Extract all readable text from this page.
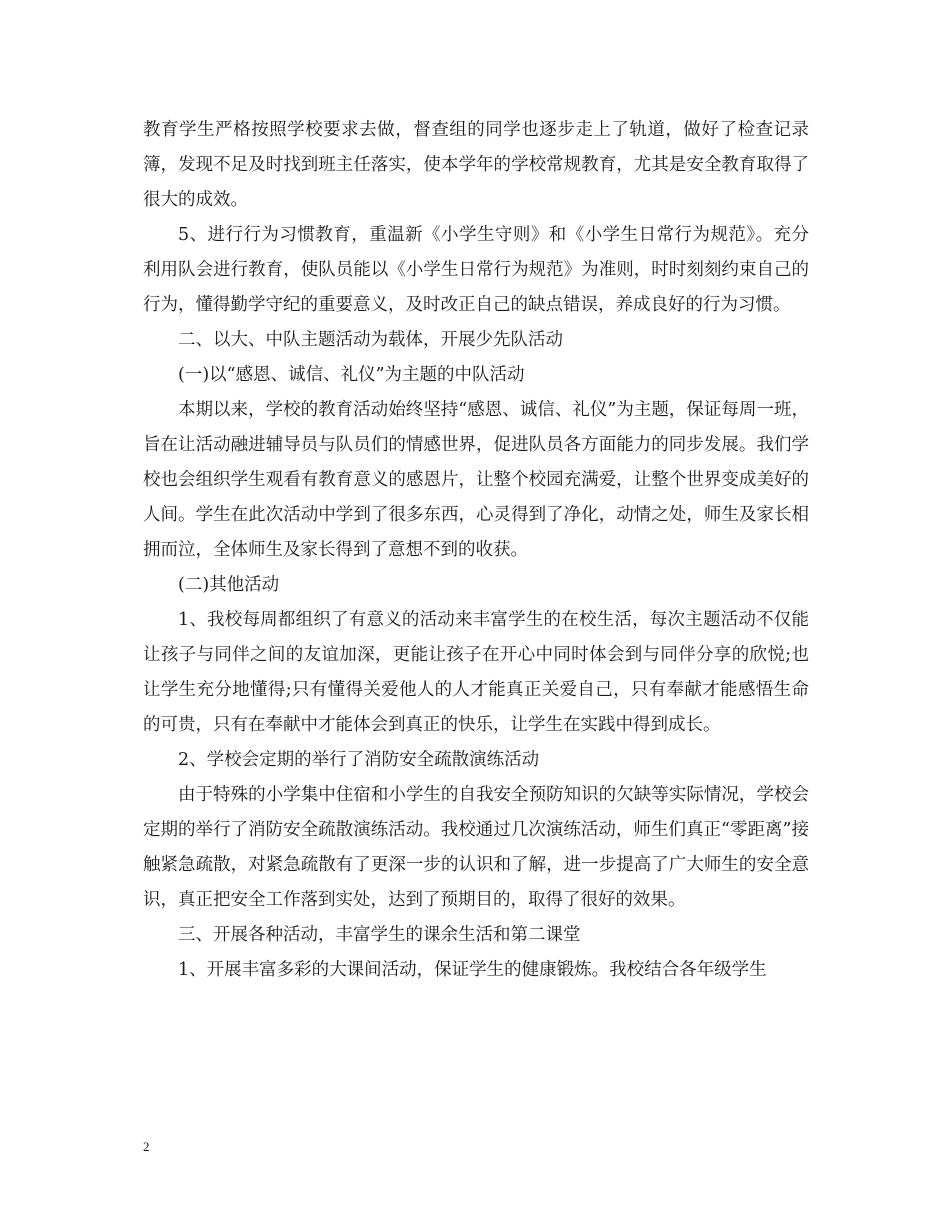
教育学生严格按照学校要求去做，督查组的同学也逐步走上了轨道，做好了检查记录簿，发现不足及时找到班主任落实，使本学年的学校常规教育，尤其是安全教育取得了很大的成效。

5、进行行为习惯教育，重温新《小学生守则》和《小学生日常行为规范》。充分利用队会进行教育，使队员能以《小学生日常行为规范》为准则，时时刻刻约束自己的行为，懂得勤学守纪的重要意义，及时改正自己的缺点错误，养成良好的行为习惯。

二、以大、中队主题活动为载体，开展少先队活动

(一)以“感恩、诚信、礼仪”为主题的中队活动

本期以来，学校的教育活动始终坚持“感恩、诚信、礼仪”为主题，保证每周一班，旨在让活动融进辅导员与队员们的情感世界，促进队员各方面能力的同步发展。我们学校也会组织学生观看有教育意义的感恩片，让整个校园充满爱，让整个世界变成美好的人间。学生在此次活动中学到了很多东西，心灵得到了净化，动情之处，师生及家长相拥而泣，全体师生及家长得到了意想不到的收获。

(二)其他活动

1、我校每周都组织了有意义的活动来丰富学生的在校生活，每次主题活动不仅能让孩子与同伴之间的友谊加深，更能让孩子在开心中同时体会到与同伴分享的欣悦;也让学生充分地懂得;只有懂得关爱他人的人才能真正关爱自己，只有奉献才能感悟生命的可贵，只有在奉献中才能体会到真正的快乐，让学生在实践中得到成长。

2、学校会定期的举行了消防安全疏散演练活动

由于特殊的小学集中住宿和小学生的自我安全预防知识的欠缺等实际情况，学校会定期的举行了消防安全疏散演练活动。我校通过几次演练活动，师生们真正“零距离”接触紧急疏散，对紧急疏散有了更深一步的认识和了解，进一步提高了广大师生的安全意识，真正把安全工作落到实处，达到了预期目的，取得了很好的效果。

三、开展各种活动，丰富学生的课余生活和第二课堂

1、开展丰富多彩的大课间活动，保证学生的健康锻炼。我校结合各年级学生

2
